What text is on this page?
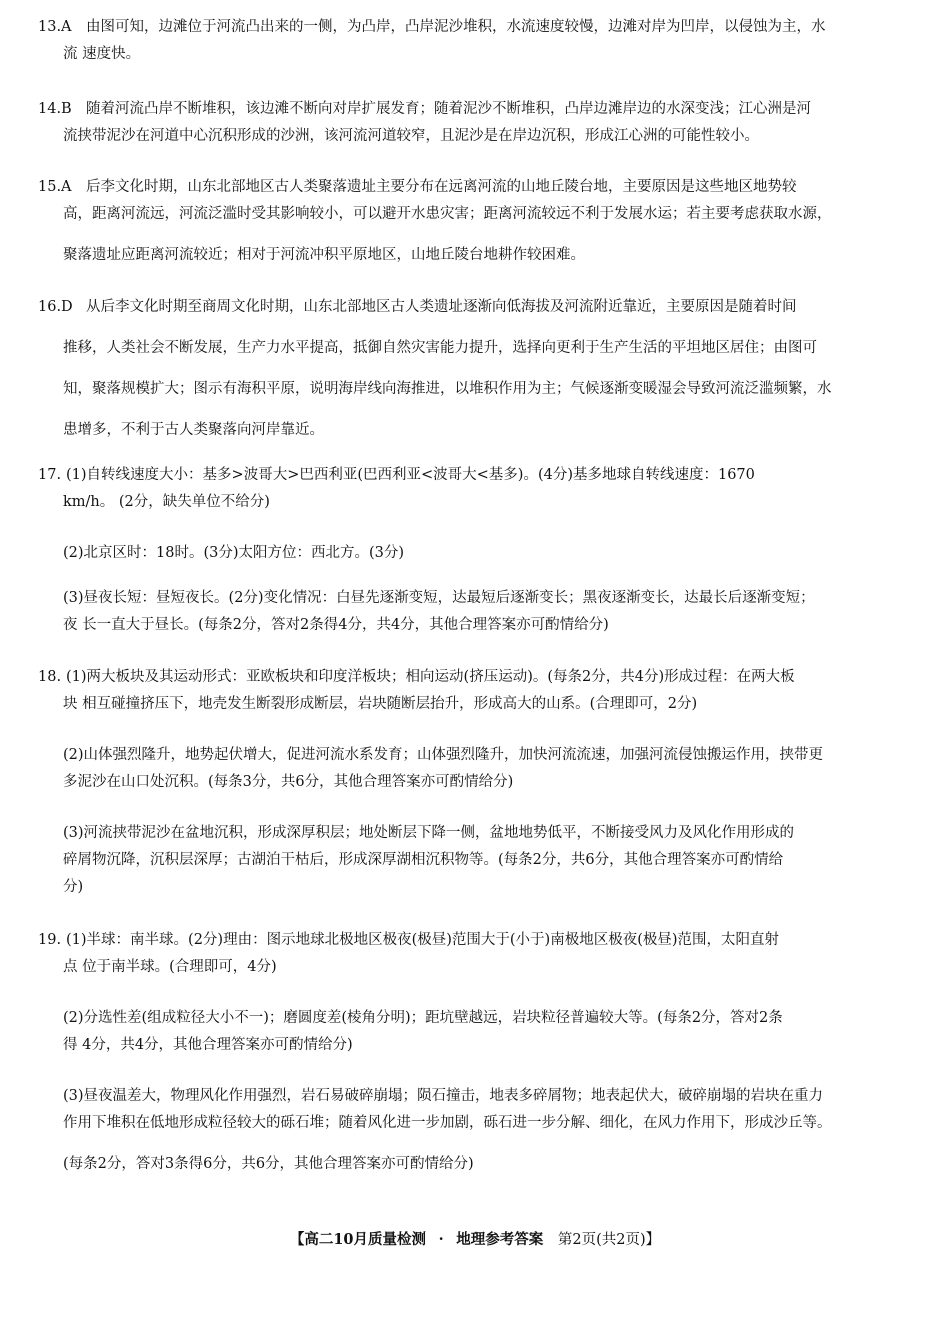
13.A 由图可知，边滩位于河流凸出来的一侧，为凸岸，凸岸泥沙堆积，水流速度较慢，边滩对岸为凹岸，以侵蚀为主，水
流 速度快。
14.B 随着河流凸岸不断堆积，该边滩不断向对岸扩展发育；随着泥沙不断堆积，凸岸边滩岸边的水深变浅；江心洲是河
流挟带泥沙在河道中心沉积形成的沙洲，该河流河道较窄，且泥沙是在岸边沉积，形成江心洲的可能性较小。
15.A 后李文化时期，山东北部地区古人类聚落遗址主要分布在远离河流的山地丘陵台地，主要原因是这些地区地势较
高，距离河流远，河流泛滥时受其影响较小，可以避开水患灾害；距离河流较远不利于发展水运；若主要考虑获取水源，
聚落遗址应距离河流较近；相对于河流冲积平原地区，山地丘陵台地耕作较困难。
16.D 从后李文化时期至商周文化时期，山东北部地区古人类遗址逐渐向低海拔及河流附近靠近，主要原因是随着时间
推移，人类社会不断发展，生产力水平提高，抵御自然灾害能力提升，选择向更利于生产生活的平坦地区居住；由图可
知，聚落规模扩大；图示有海积平原，说明海岸线向海推进，以堆积作用为主；气候逐渐变暖湿会导致河流泛滥频繁，水
患增多，不利于古人类聚落向河岸靠近。
17. (1)自转线速度大小：基多>波哥大>巴西利亚(巴西利亚<波哥大<基多)。(4分)基多地球自转线速度：1670
km/h。 (2分，缺失单位不给分)
(2)北京区时：18时。(3分)太阳方位：西北方。(3分)
(3)昼夜长短：昼短夜长。(2分)变化情况：白昼先逐渐变短，达最短后逐渐变长；黑夜逐渐变长，达最长后逐渐变短；
夜 长一直大于昼长。(每条2分，答对2条得4分，共4分，其他合理答案亦可酌情给分)
18. (1)两大板块及其运动形式：亚欧板块和印度洋板块；相向运动(挤压运动)。(每条2分，共4分)形成过程：在两大板
块 相互碰撞挤压下，地壳发生断裂形成断层，岩块随断层抬升，形成高大的山系。(合理即可，2分)
(2)山体强烈隆升，地势起伏增大，促进河流水系发育；山体强烈隆升，加快河流流速，加强河流侵蚀搬运作用，挟带更
多泥沙在山口处沉积。(每条3分，共6分，其他合理答案亦可酌情给分)
(3)河流挟带泥沙在盆地沉积，形成深厚积层；地处断层下降一侧，盆地地势低平，不断接受风力及风化作用形成的
碎屑物沉降，沉积层深厚；古湖泊干枯后，形成深厚湖相沉积物等。(每条2分，共6分，其他合理答案亦可酌情给
分)
19. (1)半球：南半球。(2分)理由：图示地球北极地区极夜(极昼)范围大于(小于)南极地区极夜(极昼)范围，太阳直射
点 位于南半球。(合理即可，4分)
(2)分选性差(组成粒径大小不一)；磨圆度差(棱角分明)；距坑壁越远，岩块粒径普遍较大等。(每条2分，答对2条
得 4分，共4分，其他合理答案亦可酌情给分)
(3)昼夜温差大，物理风化作用强烈，岩石易破碎崩塌；陨石撞击，地表多碎屑物；地表起伏大，破碎崩塌的岩块在重力
作用下堆积在低地形成粒径较大的砾石堆；随着风化进一步加剧，砾石进一步分解、细化，在风力作用下，形成沙丘等。
(每条2分，答对3条得6分，共6分，其他合理答案亦可酌情给分)
【高二10月质量检测 · 地理参考答案 第2页(共2页)】
